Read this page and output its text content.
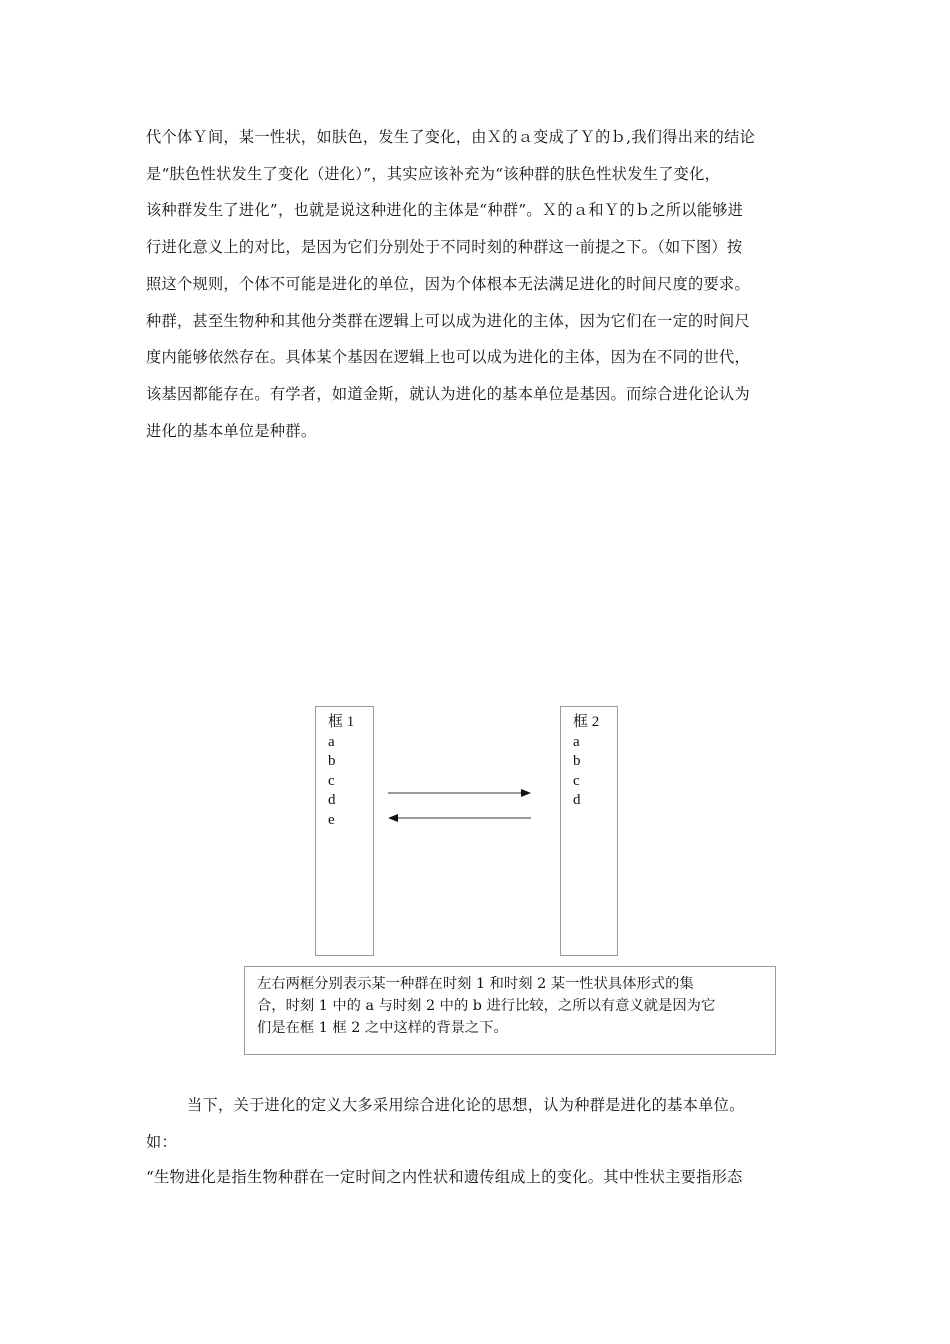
代个体Ｙ间，某一性状，如肤色，发生了变化，由Ｘ的ａ变成了Ｙ的ｂ,我们得出来的结论
是“肤色性状发生了变化（进化）”，其实应该补充为“该种群的肤色性状发生了变化，
该种群发生了进化”，也就是说这种进化的主体是“种群”。Ｘ的ａ和Ｙ的ｂ之所以能够进
行进化意义上的对比，是因为它们分别处于不同时刻的种群这一前提之下。（如下图）按
照这个规则，个体不可能是进化的单位，因为个体根本无法满足进化的时间尺度的要求。
种群，甚至生物种和其他分类群在逻辑上可以成为进化的主体，因为它们在一定的时间尺
度内能够依然存在。具体某个基因在逻辑上也可以成为进化的主体，因为在不同的世代，
该基因都能存在。有学者，如道金斯，就认为进化的基本单位是基因。而综合进化论认为
进化的基本单位是种群。
框 1
a
b
c
d
e
框 2
a
b
c
d
左右两框分别表示某一种群在时刻 1 和时刻 2 某一性状具体形式的集
合，时刻 1 中的 a 与时刻 2 中的 b 进行比较，之所以有意义就是因为它
们是在框 1 框 2 之中这样的背景之下。
当下，关于进化的定义大多采用综合进化论的思想，认为种群是进化的基本单位。
如：
“生物进化是指生物种群在一定时间之内性状和遗传组成上的变化。其中性状主要指形态
